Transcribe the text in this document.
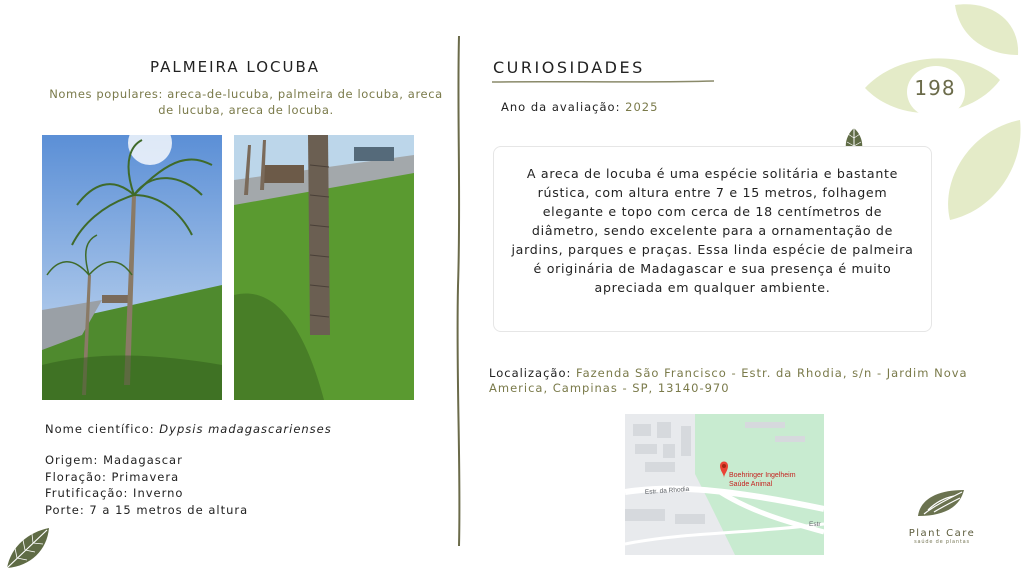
198
PALMEIRA LOCUBA
Nomes populares: areca-de-lucuba, palmeira de locuba, areca de lucuba, areca de locuba.
Nome científico: Dypsis madagascarienses
Origem: Madagascar
Floração: Primavera
Frutificação: Inverno
Porte: 7 a 15 metros de altura
CURIOSIDADES
Ano da avaliação: 2025
A areca de locuba é uma espécie solitária e bastante rústica, com altura entre 7 e 15 metros, folhagem elegante e topo com cerca de 18 centímetros de diâmetro, sendo excelente para a ornamentação de jardins, parques e praças. Essa linda espécie de palmeira é originária de Madagascar e sua presença é muito apreciada em qualquer ambiente.
Localização: Fazenda São Francisco - Estr. da Rhodia, s/n - Jardim Nova America, Campinas - SP, 13140-970
Boehringer Ingelheim
Saúde Animal
Estr. da Rhodia
Estr
Plant Care
saúde de plantas
